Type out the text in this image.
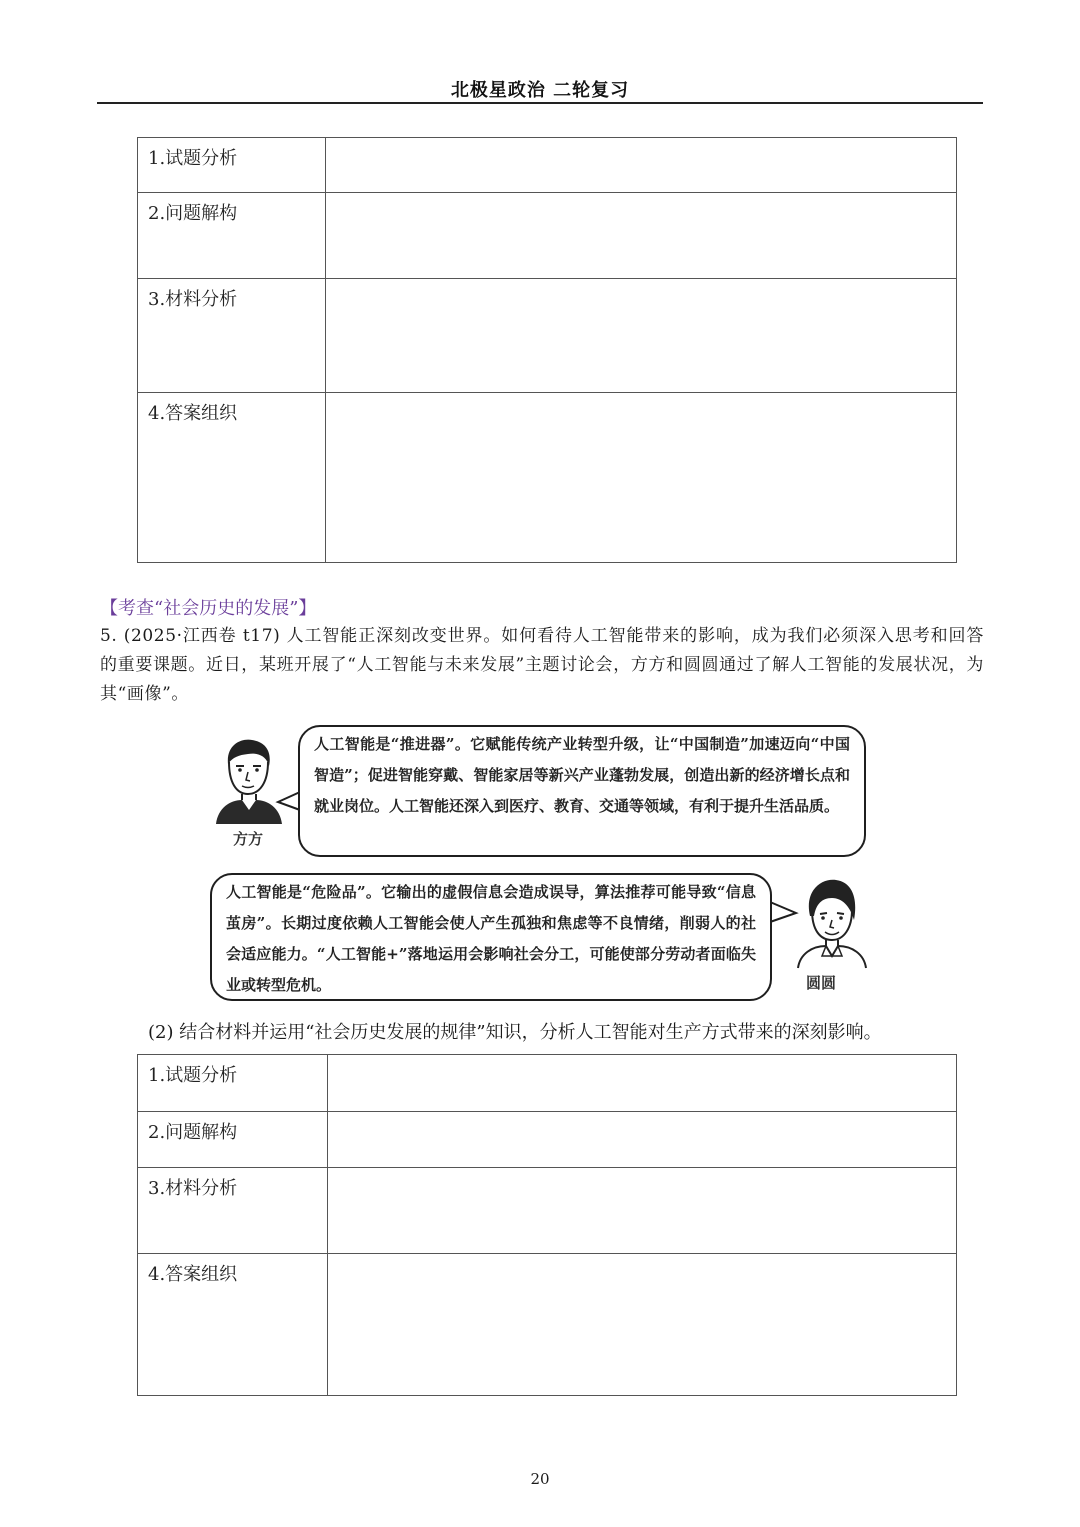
北极星政治 二轮复习
1.试题分析	
2.问题解构	
3.材料分析	
4.答案组织	
【考查“社会历史的发展”】
5. (2025·江西卷 t17) 人工智能正深刻改变世界。如何看待人工智能带来的影响，成为我们必须深入思考和回答的重要课题。近日，某班开展了“人工智能与未来发展”主题讨论会，方方和圆圆通过了解人工智能的发展状况，为其“画像”。
方方
人工智能是“推进器”。它赋能传统产业转型升级，让“中国制造”加速迈向“中国智造”；促进智能穿戴、智能家居等新兴产业蓬勃发展，创造出新的经济增长点和就业岗位。人工智能还深入到医疗、教育、交通等领域，有利于提升生活品质。
人工智能是“危险品”。它输出的虚假信息会造成误导，算法推荐可能导致“信息茧房”。长期过度依赖人工智能会使人产生孤独和焦虑等不良情绪，削弱人的社会适应能力。“人工智能+”落地运用会影响社会分工，可能使部分劳动者面临失业或转型危机。	圆圆
(2) 结合材料并运用“社会历史发展的规律”知识，分析人工智能对生产方式带来的深刻影响。
1.试题分析	
2.问题解构	
3.材料分析	
4.答案组织	
20
